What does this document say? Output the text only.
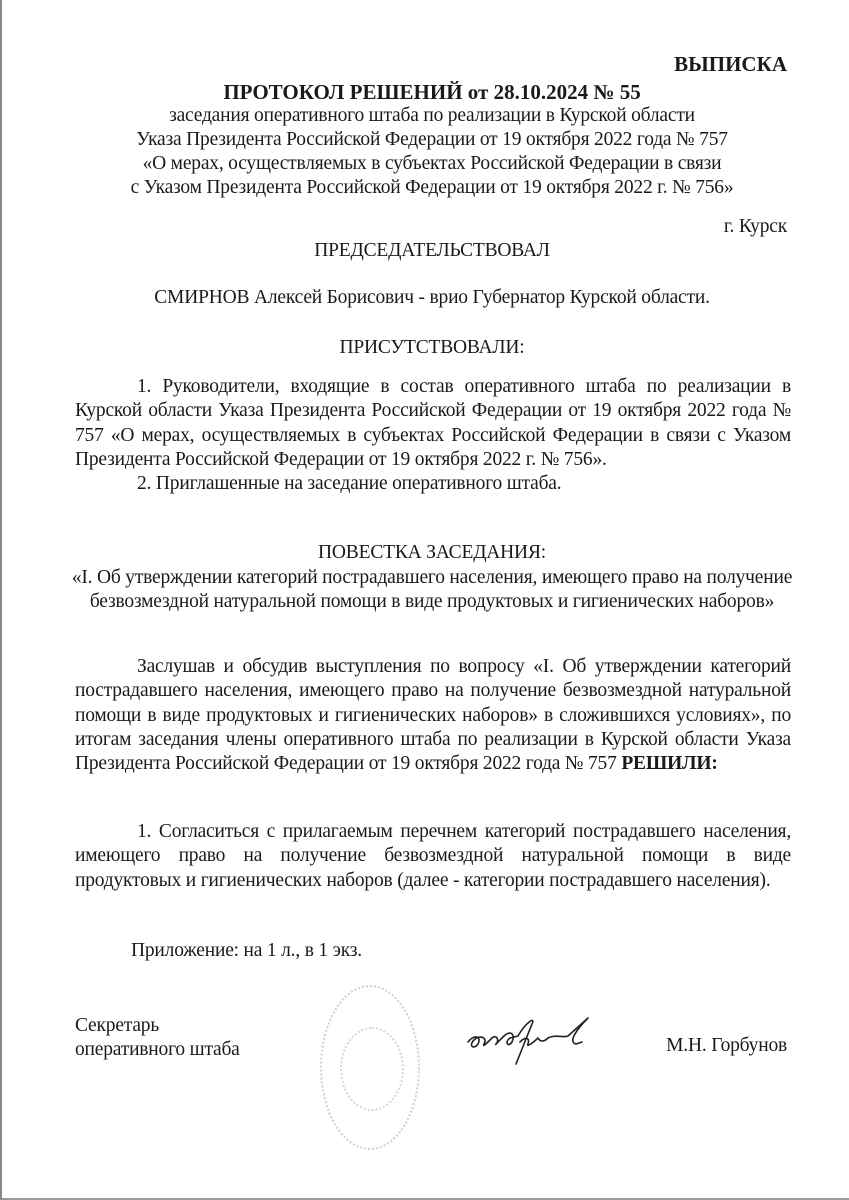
ВЫПИСКА
ПРОТОКОЛ РЕШЕНИЙ от 28.10.2024 № 55
заседания оперативного штаба по реализации в Курской области
Указа Президента Российской Федерации от 19 октября 2022 года № 757
«О мерах, осуществляемых в субъектах Российской Федерации в связи
с Указом Президента Российской Федерации от 19 октября 2022 г. № 756»
г. Курск
ПРЕДСЕДАТЕЛЬСТВОВАЛ
СМИРНОВ Алексей Борисович - врио Губернатор Курской области.
ПРИСУТСТВОВАЛИ:
1. Руководители, входящие в состав оперативного штаба по реализации в Курской области Указа Президента Российской Федерации от 19 октября 2022 года № 757 «О мерах, осуществляемых в субъектах Российской Федерации в связи с Указом Президента Российской Федерации от 19 октября 2022 г. № 756».
2. Приглашенные на заседание оперативного штаба.
ПОВЕСТКА ЗАСЕДАНИЯ:
«I. Об утверждении категорий пострадавшего населения, имеющего право на получение безвозмездной натуральной помощи в виде продуктовых и гигиенических наборов»
Заслушав и обсудив выступления по вопросу «I. Об утверждении категорий пострадавшего населения, имеющего право на получение безвозмездной натуральной помощи в виде продуктовых и гигиенических наборов» в сложившихся условиях», по итогам заседания члены оперативного штаба по реализации в Курской области Указа Президента Российской Федерации от 19 октября 2022 года № 757 РЕШИЛИ:
1. Согласиться с прилагаемым перечнем категорий пострадавшего населения, имеющего право на получение безвозмездной натуральной помощи в виде продуктовых и гигиенических наборов (далее - категории пострадавшего населения).
Приложение: на 1 л., в 1 экз.
Секретарь
оперативного штаба	М.Н. Горбунов
